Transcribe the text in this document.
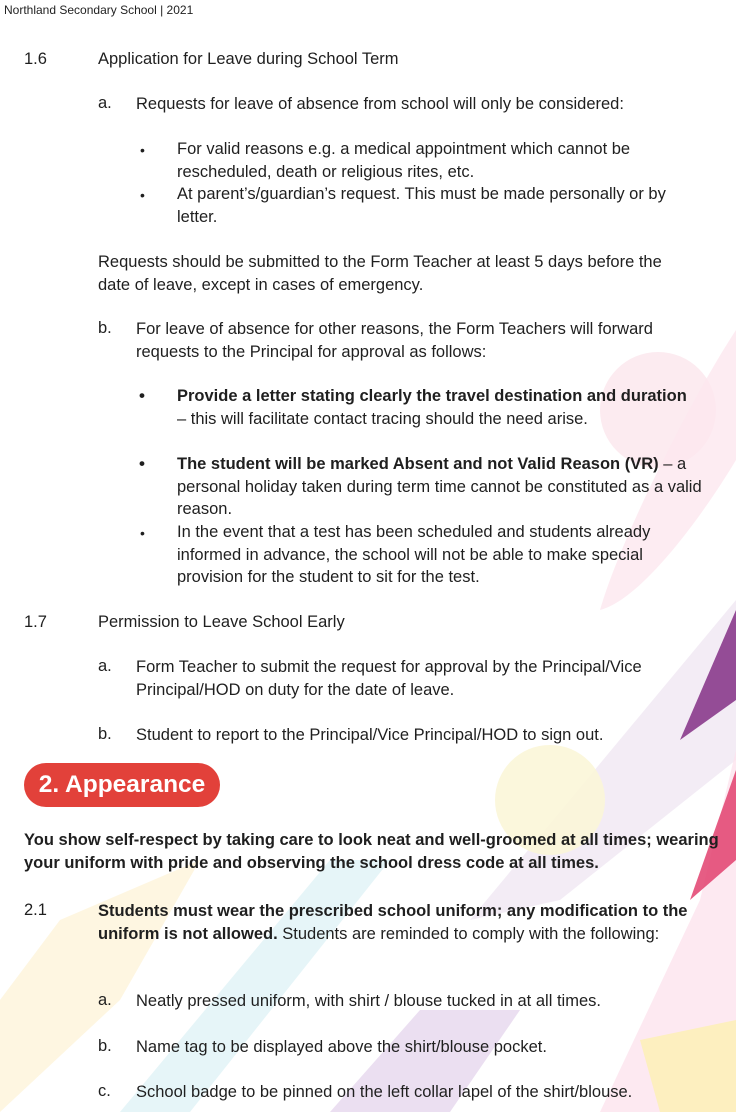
Northland Secondary School | 2021
1.6	Application for Leave during School Term
a. Requests for leave of absence from school will only be considered:
• For valid reasons e.g. a medical appointment which cannot be rescheduled, death or religious rites, etc.
• At parent’s/guardian’s request. This must be made personally or by letter.
Requests should be submitted to the Form Teacher at least 5 days before the date of leave, except in cases of emergency.
b. For leave of absence for other reasons, the Form Teachers will forward requests to the Principal for approval as follows:
• Provide a letter stating clearly the travel destination and duration
– this will facilitate contact tracing should the need arise.
• The student will be marked Absent and not Valid Reason (VR) – a personal holiday taken during term time cannot be constituted as a valid reason.
• In the event that a test has been scheduled and students already informed in advance, the school will not be able to make special provision for the student to sit for the test.
1.7	Permission to Leave School Early
a. Form Teacher to submit the request for approval by the Principal/Vice Principal/HOD on duty for the date of leave.
b. Student to report to the Principal/Vice Principal/HOD to sign out.
2. Appearance
You show self-respect by taking care to look neat and well-groomed at all times; wearing your uniform with pride and observing the school dress code at all times.
2.1	Students must wear the prescribed school uniform; any modification to the uniform is not allowed. Students are reminded to comply with the following:
a. Neatly pressed uniform, with shirt / blouse tucked in at all times.
b. Name tag to be displayed above the shirt/blouse pocket.
c. School badge to be pinned on the left collar lapel of the shirt/blouse.
